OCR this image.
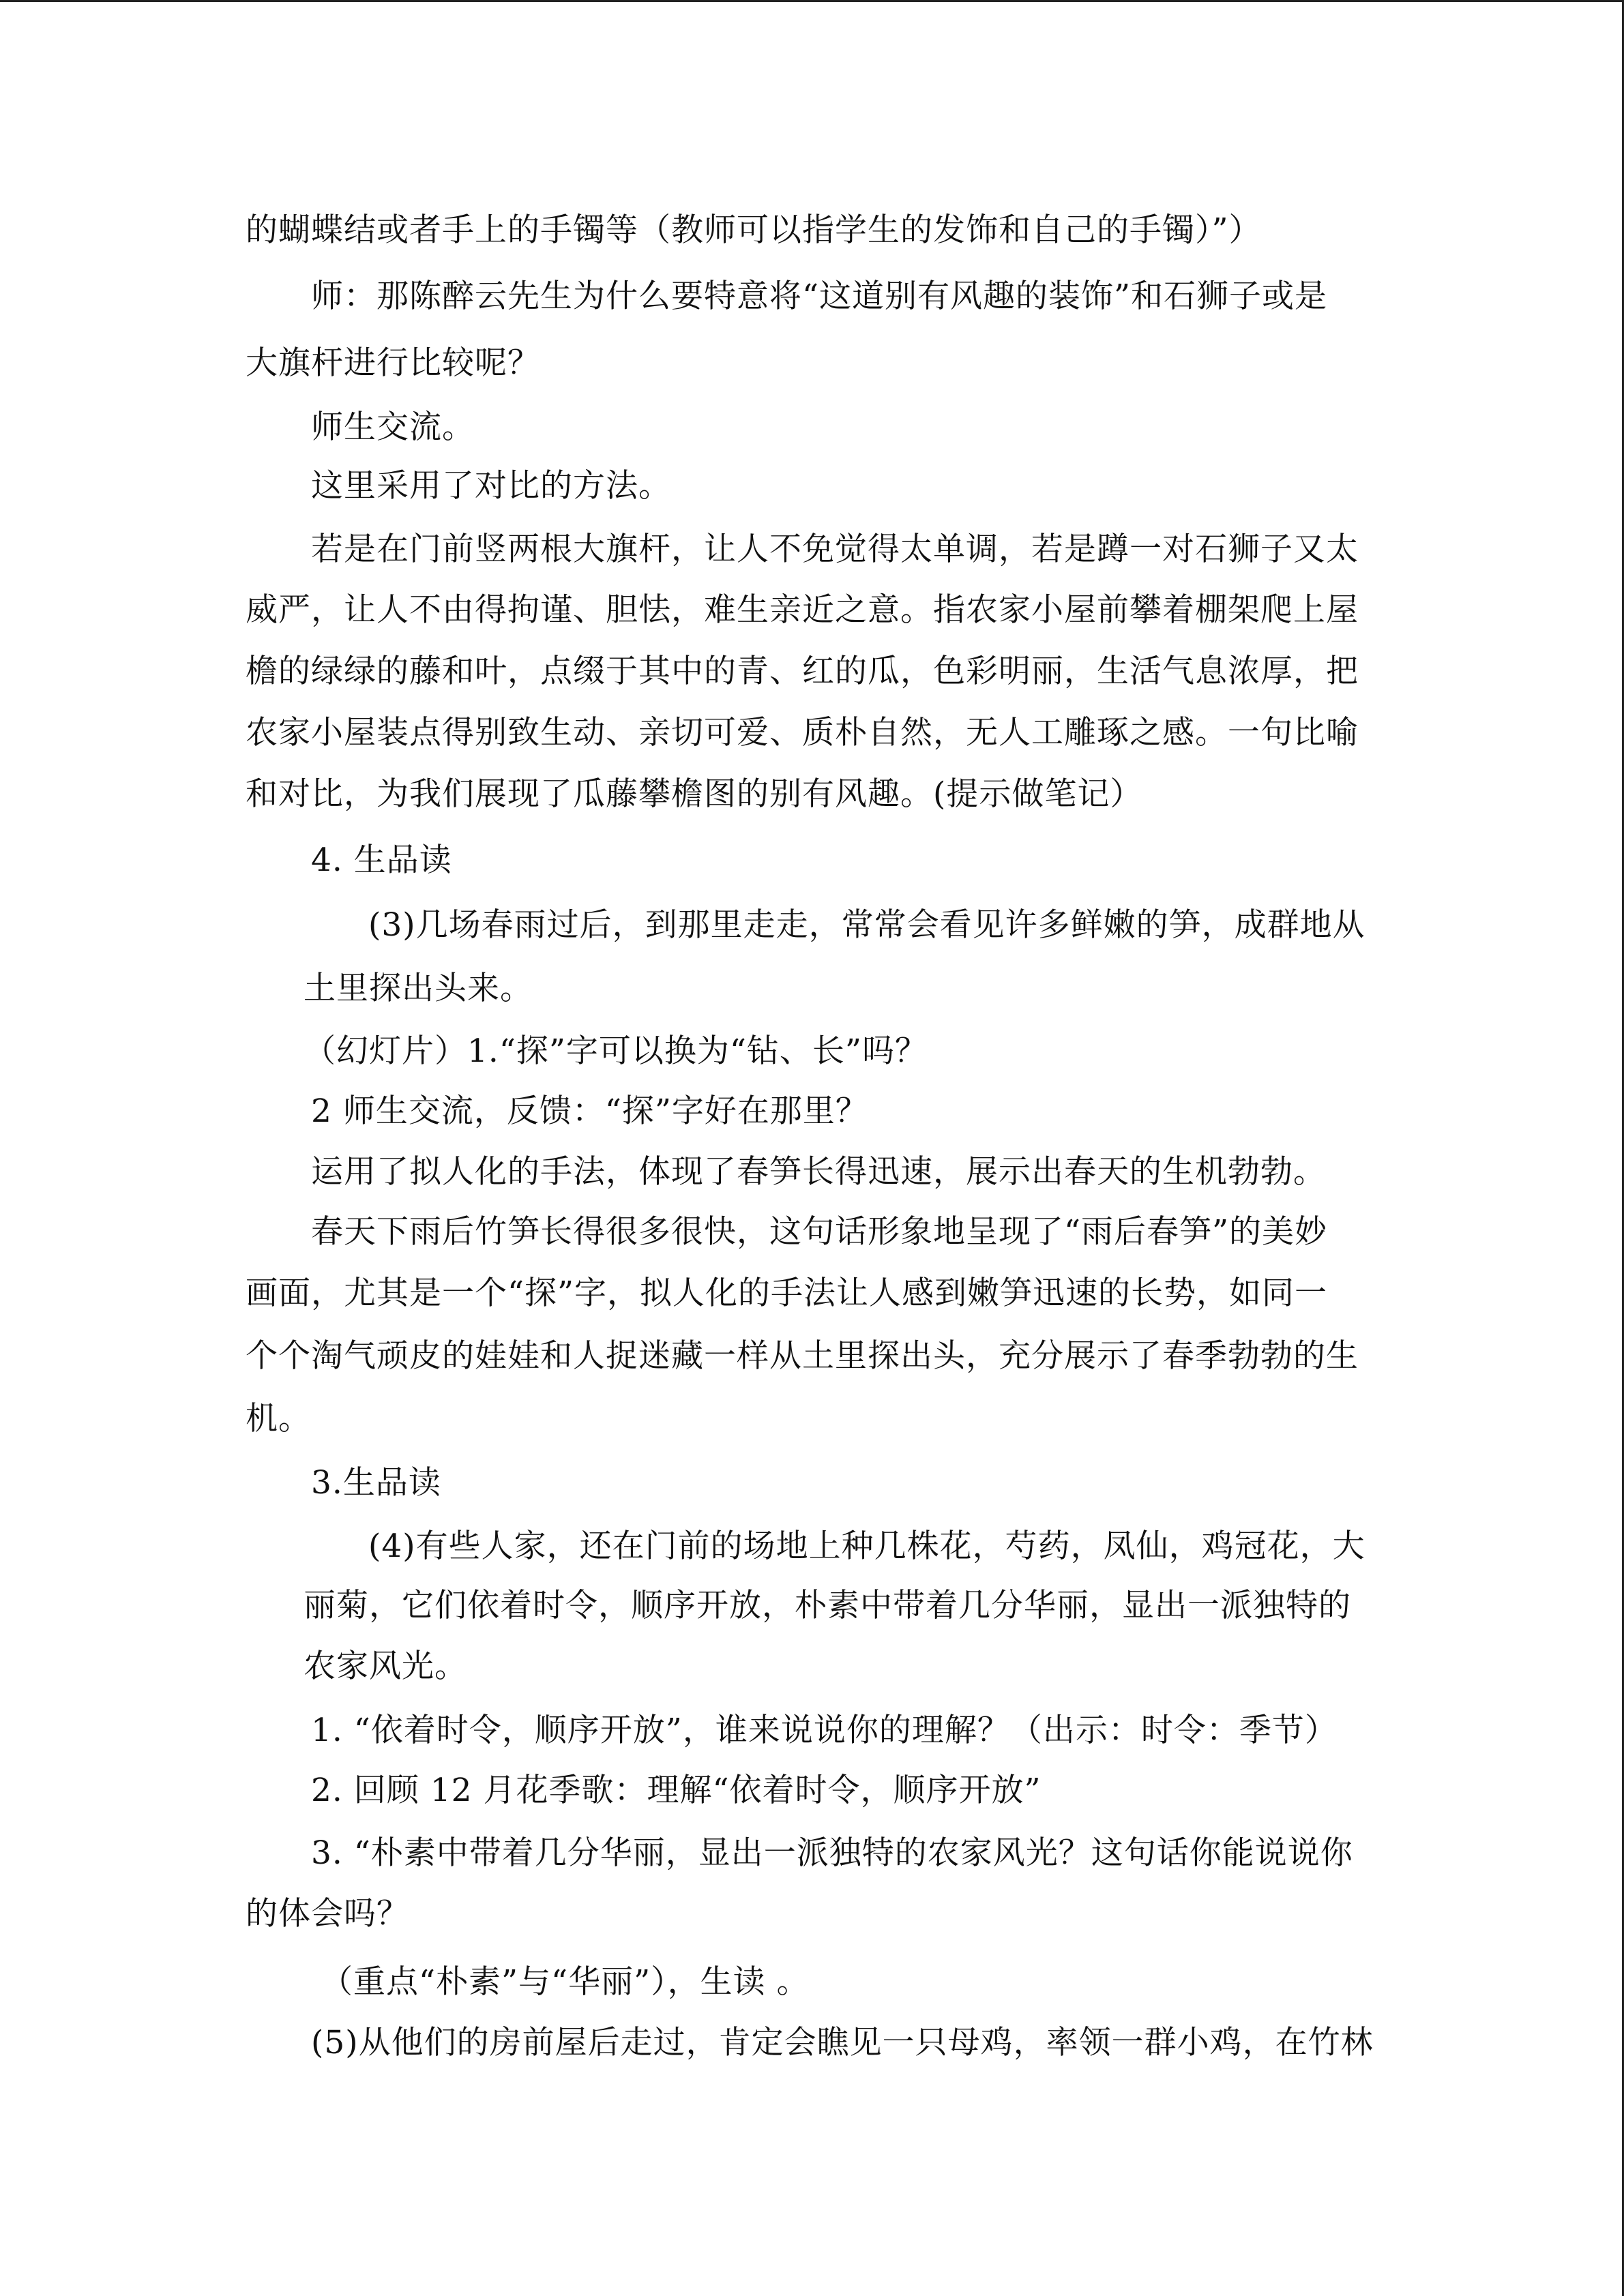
的蝴蝶结或者手上的手镯等（教师可以指学生的发饰和自己的手镯）”）
师：那陈醉云先生为什么要特意将“这道别有风趣的装饰”和石狮子或是
大旗杆进行比较呢？
师生交流。
这里采用了对比的方法。
若是在门前竖两根大旗杆，让人不免觉得太单调，若是蹲一对石狮子又太
威严，让人不由得拘谨、胆怯，难生亲近之意。指农家小屋前攀着棚架爬上屋
檐的绿绿的藤和叶，点缀于其中的青、红的瓜，色彩明丽，生活气息浓厚，把
农家小屋装点得别致生动、亲切可爱、质朴自然，无人工雕琢之感。一句比喻
和对比，为我们展现了瓜藤攀檐图的别有风趣。(提示做笔记）
4. 生品读
(3)几场春雨过后，到那里走走，常常会看见许多鲜嫩的笋，成群地从
土里探出头来。
（幻灯片）1.“探”字可以换为“钻、长”吗？
2 师生交流，反馈：“探”字好在那里？
运用了拟人化的手法，体现了春笋长得迅速，展示出春天的生机勃勃。
春天下雨后竹笋长得很多很快，这句话形象地呈现了“雨后春笋”的美妙
画面，尤其是一个“探”字，拟人化的手法让人感到嫩笋迅速的长势，如同一
个个淘气顽皮的娃娃和人捉迷藏一样从土里探出头，充分展示了春季勃勃的生
机。
3.生品读
(4)有些人家，还在门前的场地上种几株花，芍药，凤仙，鸡冠花，大
丽菊，它们依着时令，顺序开放，朴素中带着几分华丽，显出一派独特的
农家风光。
1. “依着时令，顺序开放”，谁来说说你的理解？（出示：时令：季节）
2. 回顾 12 月花季歌：理解“依着时令，顺序开放”
3. “朴素中带着几分华丽，显出一派独特的农家风光？这句话你能说说你
的体会吗？
（重点“朴素”与“华丽”），生读 。
(5)从他们的房前屋后走过，肯定会瞧见一只母鸡，率领一群小鸡，在竹林
